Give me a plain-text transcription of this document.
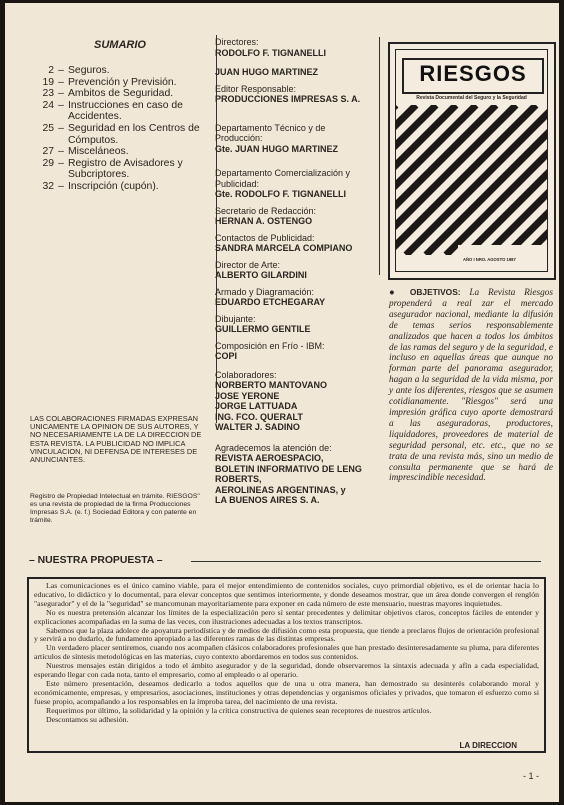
SUMARIO
2 – Seguros.
19 – Prevención y Previsión.
23 – Ambitos de Seguridad.
24 – Instrucciones en caso de Accidentes.
25 – Seguridad en los Centros de Cómputos.
27 – Misceláneos.
29 – Registro de Avisadores y Subcriptores.
32 – Inscripción (cupón).
LAS COLABORACIONES FIRMADAS EXPRESAN UNICAMENTE LA OPINION DE SUS AUTORES, Y NO NECESARIAMENTE LA DE LA DIRECCION DE ESTA REVISTA. LA PUBLICIDAD NO IMPLICA VINCULACION, NI DEFENSA DE INTERESES DE ANUNCIANTES.
Registro de Propiedad Intelectual en trámite. RIESGOS" es una revista de propiedad de la firma Producciones Impresas S.A. (e. f.) Sociedad Editora y con patente en trámite.
Directores:
RODOLFO F. TIGNANELLI
JUAN HUGO MARTINEZ
Editor Responsable:
PRODUCCIONES IMPRESAS S. A.
Departamento Técnico y de Producción:
Gte. JUAN HUGO MARTINEZ
Departamento Comercialización y Publicidad:
Gte. RODOLFO F. TIGNANELLI
Secretario de Redacción:
HERNAN A. OSTENGO
Contactos de Publicidad:
SANDRA MARCELA COMPIANO
Director de Arte:
ALBERTO GILARDINI
Armado y Diagramación:
EDUARDO ETCHEGARAY
Dibujante:
GUILLERMO GENTILE
Composición en Frío - IBM:
COPI
Colaboradores:
NORBERTO MANTOVANO
JOSE YERONE
JORGE LATTUADA
ING. FCO. QUERALT
WALTER J. SADINO
Agradecemos la atención de:
REVISTA AEROESPACIO,
BOLETIN INFORMATIVO DE LENG ROBERTS,
AEROLINEAS ARGENTINAS, y
LA BUENOS AIRES S. A.
RIESGOS
Revista Documental del Seguro y la Seguridad
AÑO I NRO. AGOSTO 1987
● OBJETIVOS: La Revista Riesgos propenderá a real zar el mercado asegurador nacional, mediante la difusión de temas serios responsablemente analizados que hacen a todos los ámbitos de las ramas del seguro y de la seguridad, e incluso en aquellas áreas que aunque no forman parte del panorama asegurador, hagan a la seguridad de la vida misma, por y ante los diferentes, riesgos que se asumen cotidianamente. "Riesgos" será una impresión gráfica cuyo aporte demostrará a las aseguradoras, productores, liquidadores, proveedores de material de seguridad personal, etc. etc., que no se trata de una revista más, sino un medio de consulta permanente que se hará de imprescindible necesidad.
– NUESTRA PROPUESTA –

Las comunicaciones es el único camino viable, para el mejor entendimiento de contenidos sociales, cuyo primordial objetivo, es el de orientar hacia lo educativo, lo didáctico y lo documental, para elevar conceptos que sentimos interiormente, y donde deseamos mostrar, que un área donde convergen el renglón "asegurador" y el de la "seguridad" se mancomunan mayoritariamente para exponer en cada número de este mensuario, nuestras mayores inquietudes.

No es nuestra pretensión alcanzar los límites de la especialización pero sí sentar precedentes y delimitar objetivos claros, conceptos fáciles de entender y explicaciones acompañadas en la suma de las veces, con ilustraciones adecuadas a los textos transcriptos.

Sabemos que la plaza adolece de apoyatura periodística y de medios de difusión como esta propuesta, que tiende a preclaros flujos de orientación profesional y servirá a no dudarlo, de fundamento apropiado a las diferentes ramas de las distintas empresas.

Un verdadero placer sentiremos, cuando nos acompañen clásicos colaboradores profesionales que han prestado desinteresadamente su pluma, para diferentes artículos de síntesis metodológicas en las materias, cuyo contexto abordaremos en todos sus contenidos.

Nuestros mensajes están dirigidos a todo el ámbito asegurador y de la seguridad, donde observaremos la sintaxis adecuada y afín a cada especialidad, esperando llegar con cada nota, tanto el empresario, como al empleado o al operario.

Este número presentación, deseamos dedicarlo a todos aquellos que de una u otra manera, han demostrado su desinterés colaborando moral y económicamente, empresas, y empresarios, asociaciones, instituciones y otras dependencias y organismos oficiales y privados, que tomaron el esfuerzo como si fuese propio, acompañando a los responsables en la ímproba tarea, del nacimiento de una revista.

Requerimos por último, la solidaridad y la opinión y la crítica constructiva de quienes sean receptores de nuestros artículos.

Descontamos su adhesión.

LA DIRECCION
- 1 -
